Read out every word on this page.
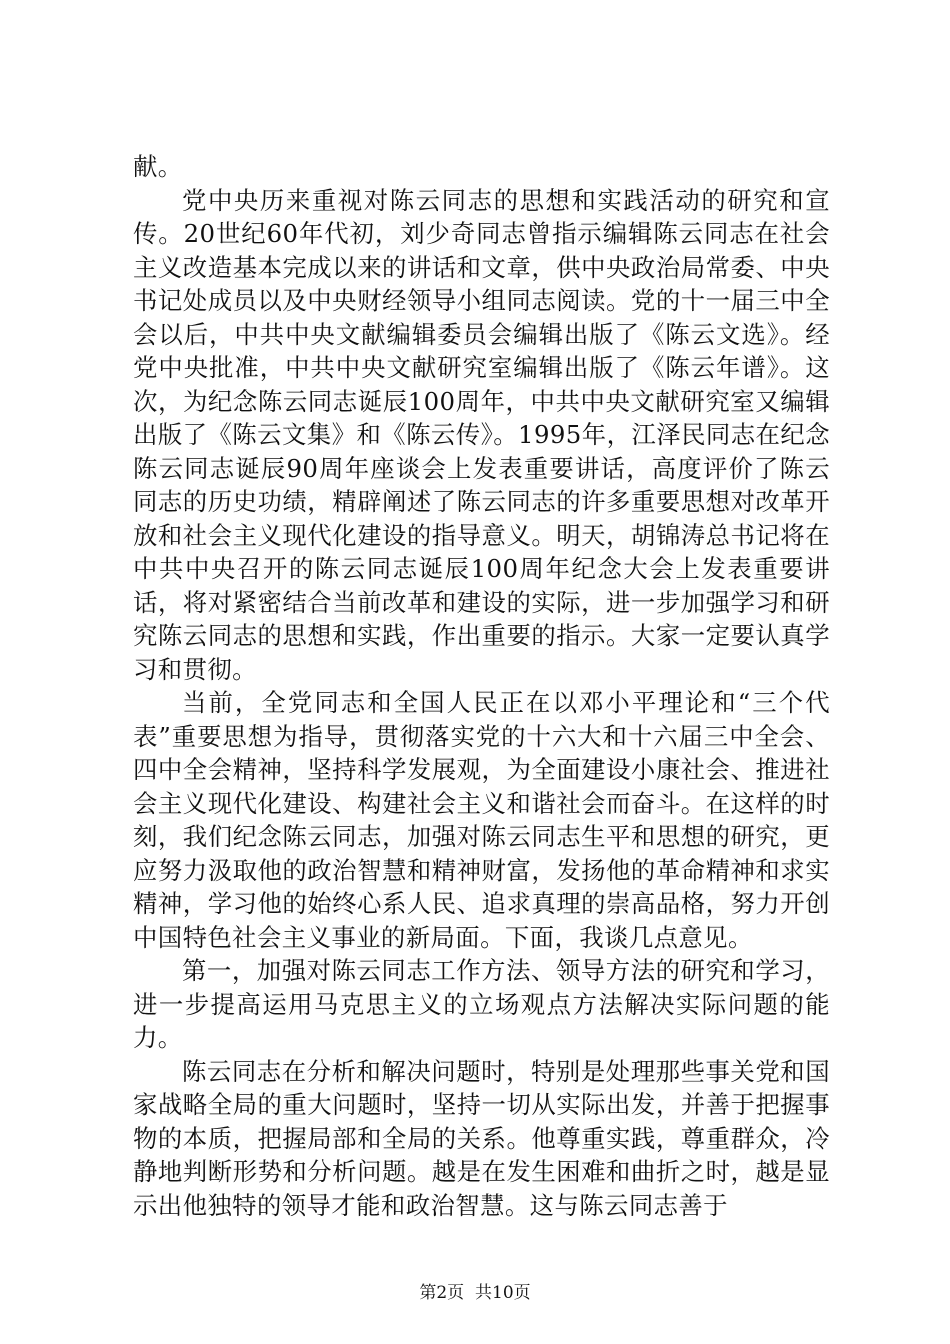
献。

党中央历来重视对陈云同志的思想和实践活动的研究和宣传。20世纪60年代初，刘少奇同志曾指示编辑陈云同志在社会主义改造基本完成以来的讲话和文章，供中央政治局常委、中央书记处成员以及中央财经领导小组同志阅读。党的十一届三中全会以后，中共中央文献编辑委员会编辑出版了《陈云文选》。经党中央批准，中共中央文献研究室编辑出版了《陈云年谱》。这次，为纪念陈云同志诞辰100周年，中共中央文献研究室又编辑出版了《陈云文集》和《陈云传》。1995年，江泽民同志在纪念陈云同志诞辰90周年座谈会上发表重要讲话，高度评价了陈云同志的历史功绩，精辟阐述了陈云同志的许多重要思想对改革开放和社会主义现代化建设的指导意义。明天，胡锦涛总书记将在中共中央召开的陈云同志诞辰100周年纪念大会上发表重要讲话，将对紧密结合当前改革和建设的实际，进一步加强学习和研究陈云同志的思想和实践，作出重要的指示。大家一定要认真学习和贯彻。

当前，全党同志和全国人民正在以邓小平理论和“三个代表”重要思想为指导，贯彻落实党的十六大和十六届三中全会、四中全会精神，坚持科学发展观，为全面建设小康社会、推进社会主义现代化建设、构建社会主义和谐社会而奋斗。在这样的时刻，我们纪念陈云同志，加强对陈云同志生平和思想的研究，更应努力汲取他的政治智慧和精神财富，发扬他的革命精神和求实精神，学习他的始终心系人民、追求真理的崇高品格，努力开创中国特色社会主义事业的新局面。下面，我谈几点意见。

第一，加强对陈云同志工作方法、领导方法的研究和学习，进一步提高运用马克思主义的立场观点方法解决实际问题的能力。

陈云同志在分析和解决问题时，特别是处理那些事关党和国家战略全局的重大问题时，坚持一切从实际出发，并善于把握事物的本质，把握局部和全局的关系。他尊重实践，尊重群众，冷静地判断形势和分析问题。越是在发生困难和曲折之时，越是显示出他独特的领导才能和政治智慧。这与陈云同志善于

第2页 共10页
